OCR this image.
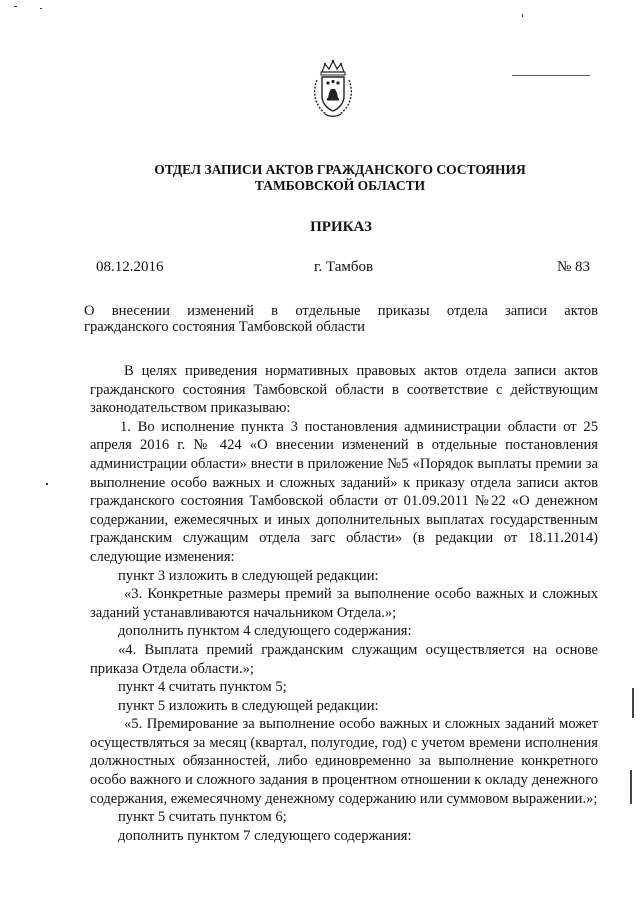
ОТДЕЛ ЗАПИСИ АКТОВ ГРАЖДАНСКОГО СОСТОЯНИЯ
ТАМБОВСКОЙ ОБЛАСТИ
ПРИКАЗ
08.12.2016	г. Тамбов	№ 83
О внесении изменений в отдельные приказы отдела записи актов
гражданского состояния Тамбовской области

В целях приведения нормативных правовых актов отдела записи актов гражданского состояния Тамбовской области в соответствие с действующим законодательством приказываю:

1. Во исполнение пункта 3 постановления администрации области от 25 апреля 2016 г. № 424 «О внесении изменений в отдельные постановления администрации области» внести в приложение №5 «Порядок выплаты премии за выполнение особо важных и сложных заданий» к приказу отдела записи актов гражданского состояния Тамбовской области от 01.09.2011 №22 «О денежном содержании, ежемесячных и иных дополнительных выплатах государственным гражданским служащим отдела загс области» (в редакции от 18.11.2014) следующие изменения:

пункт 3 изложить в следующей редакции:

«3. Конкретные размеры премий за выполнение особо важных и сложных заданий устанавливаются начальником Отдела.»;

дополнить пунктом 4 следующего содержания:

«4. Выплата премий гражданским служащим осуществляется на основе приказа Отдела области.»;

пункт 4 считать пунктом 5;

пункт 5 изложить в следующей редакции:

«5. Премирование за выполнение особо важных и сложных заданий может осуществляться за месяц (квартал, полугодие, год) с учетом времени исполнения должностных обязанностей, либо единовременно за выполнение конкретного особо важного и сложного задания в процентном отношении к окладу денежного содержания, ежемесячному денежному содержанию или суммовом выражении.»;

пункт 5 считать пунктом 6;

дополнить пунктом 7 следующего содержания:
